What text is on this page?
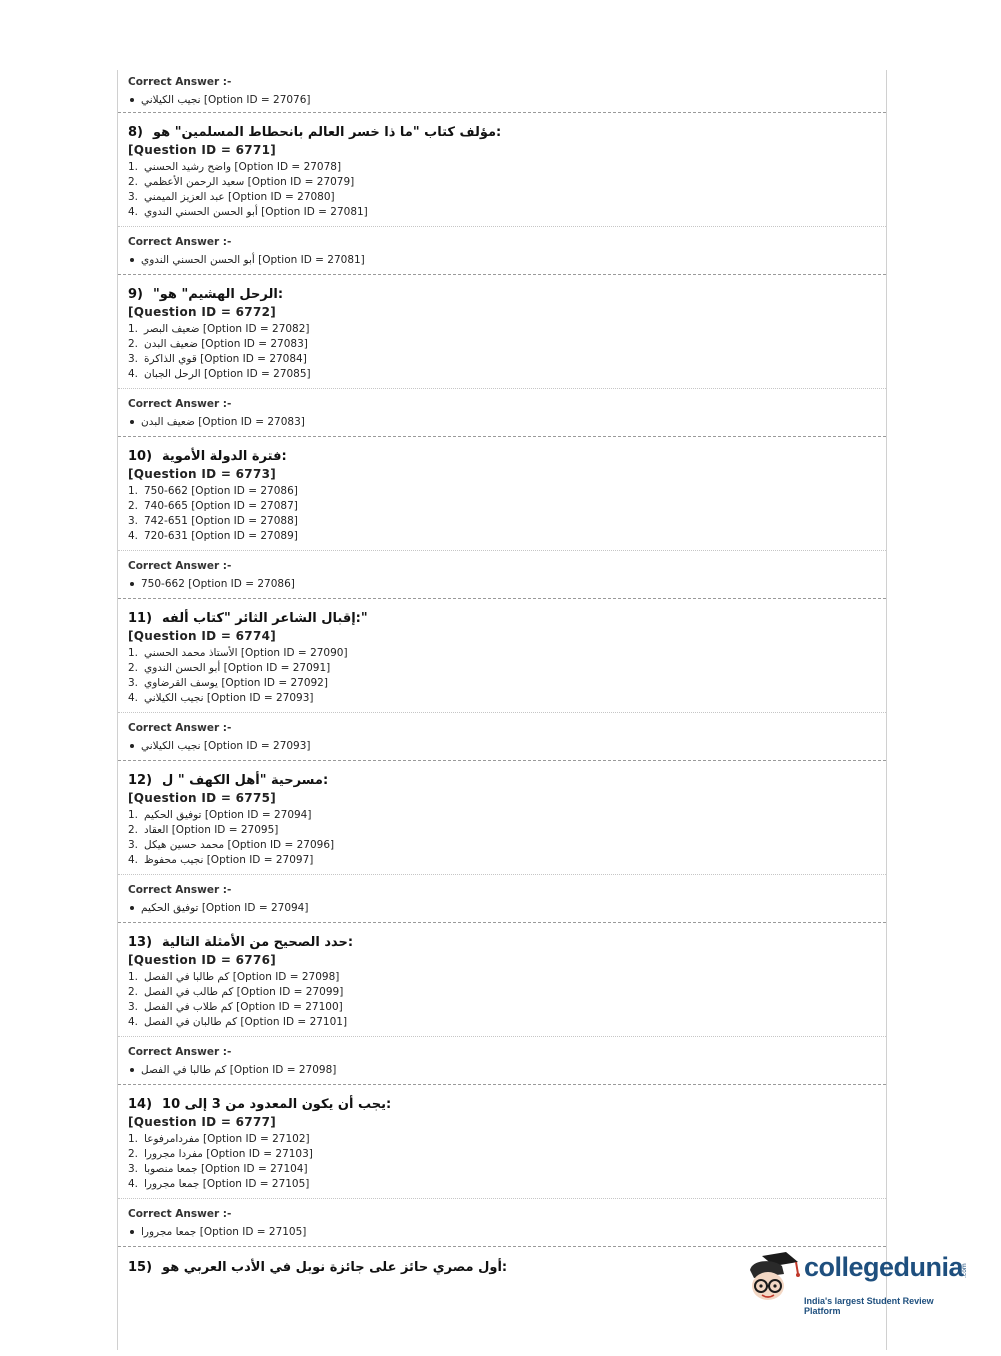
Correct Answer :-
نجيب الكيلاني [Option ID = 27076]
8) مؤلف كتاب "ما ذا خسر العالم بانحطاط المسلمين" هو:
[Question ID = 6771]
1. واضح رشيد الحسني [Option ID = 27078]
2. سعيد الرحمن الأعظمي [Option ID = 27079]
3. عبد العزيز الميمني [Option ID = 27080]
4. أبو الحسن الحسني الندوي [Option ID = 27081]
Correct Answer :-
أبو الحسن الحسني الندوي [Option ID = 27081]
9) "الرحل الهشيم" هو:
[Question ID = 6772]
1. ضعيف البصر [Option ID = 27082]
2. ضعيف البدن [Option ID = 27083]
3. قوي الذاكرة [Option ID = 27084]
4. الرحل الجبان [Option ID = 27085]
Correct Answer :-
ضعيف البدن [Option ID = 27083]
10) فترة الدولة الأموية:
[Question ID = 6773]
1. 750-662 [Option ID = 27086]
2. 740-665 [Option ID = 27087]
3. 742-651 [Option ID = 27088]
4. 720-631 [Option ID = 27089]
Correct Answer :-
750-662 [Option ID = 27086]
11) إقبال الشاعر الثائر "كتاب ألفه:"
[Question ID = 6774]
1. الأستاذ محمد الحسني [Option ID = 27090]
2. أبو الحسن الندوي [Option ID = 27091]
3. يوسف القرضاوي [Option ID = 27092]
4. نجيب الكيلاني [Option ID = 27093]
Correct Answer :-
نجيب الكيلاني [Option ID = 27093]
12) مسرحية "أهل الكهف " ل:
[Question ID = 6775]
1. توفيق الحكيم [Option ID = 27094]
2. العقاد [Option ID = 27095]
3. محمد حسين هيكل [Option ID = 27096]
4. نجيب محفوظ [Option ID = 27097]
Correct Answer :-
توفيق الحكيم [Option ID = 27094]
13) حدد الصحيح من الأمثلة التالية:
[Question ID = 6776]
1. كم طالبا في الفصل [Option ID = 27098]
2. كم طالب في الفصل [Option ID = 27099]
3. كم طلاب في الفصل [Option ID = 27100]
4. كم طالبان في الفصل [Option ID = 27101]
Correct Answer :-
كم طالبا في الفصل [Option ID = 27098]
14) يجب أن يكون المعدود من 3 إلى 10:
[Question ID = 6777]
1. مفردامرفوعا [Option ID = 27102]
2. مفردا مجرورا [Option ID = 27103]
3. جمعا منصوبا [Option ID = 27104]
4. جمعا مجرورا [Option ID = 27105]
Correct Answer :-
جمعا مجرورا [Option ID = 27105]
15) أول مصري حائز على جائزة نوبل في الأدب العربي هو:	collegedunia
.com
India's largest Student Review Platform
